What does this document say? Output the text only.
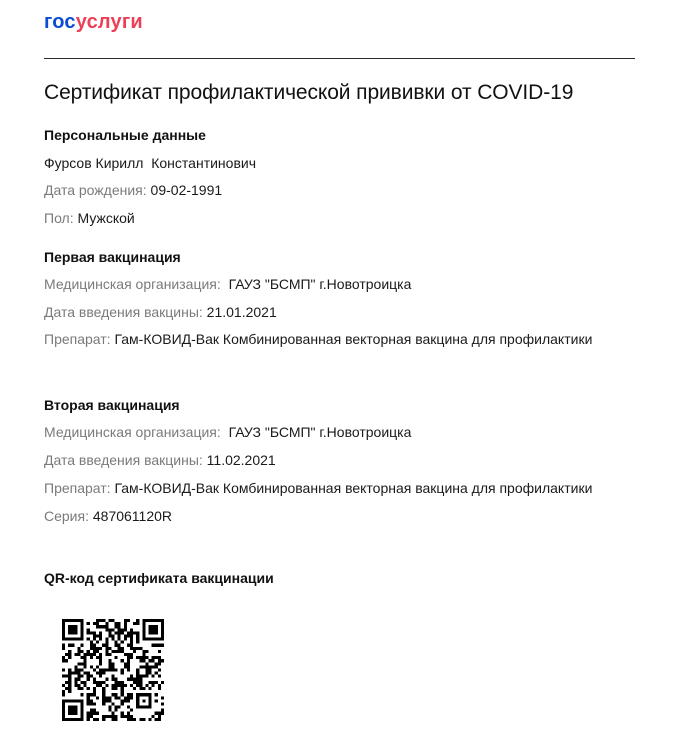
госуслуги
Сертификат профилактической прививки от COVID-19
Персональные данные
Фурсов Кирилл  Константинович
Дата рождения: 09-02-1991
Пол: Мужской
Первая вакцинация
Медицинская организация: ГАУЗ "БСМП" г.Новотроицка
Дата введения вакцины: 21.01.2021
Препарат: Гам-КОВИД-Вак Комбинированная векторная вакцина для профилактики
Вторая вакцинация
Медицинская организация: ГАУЗ "БСМП" г.Новотроицка
Дата введения вакцины: 11.02.2021
Препарат: Гам-КОВИД-Вак Комбинированная векторная вакцина для профилактики
Серия: 487061120R
QR-код сертификата вакцинации
